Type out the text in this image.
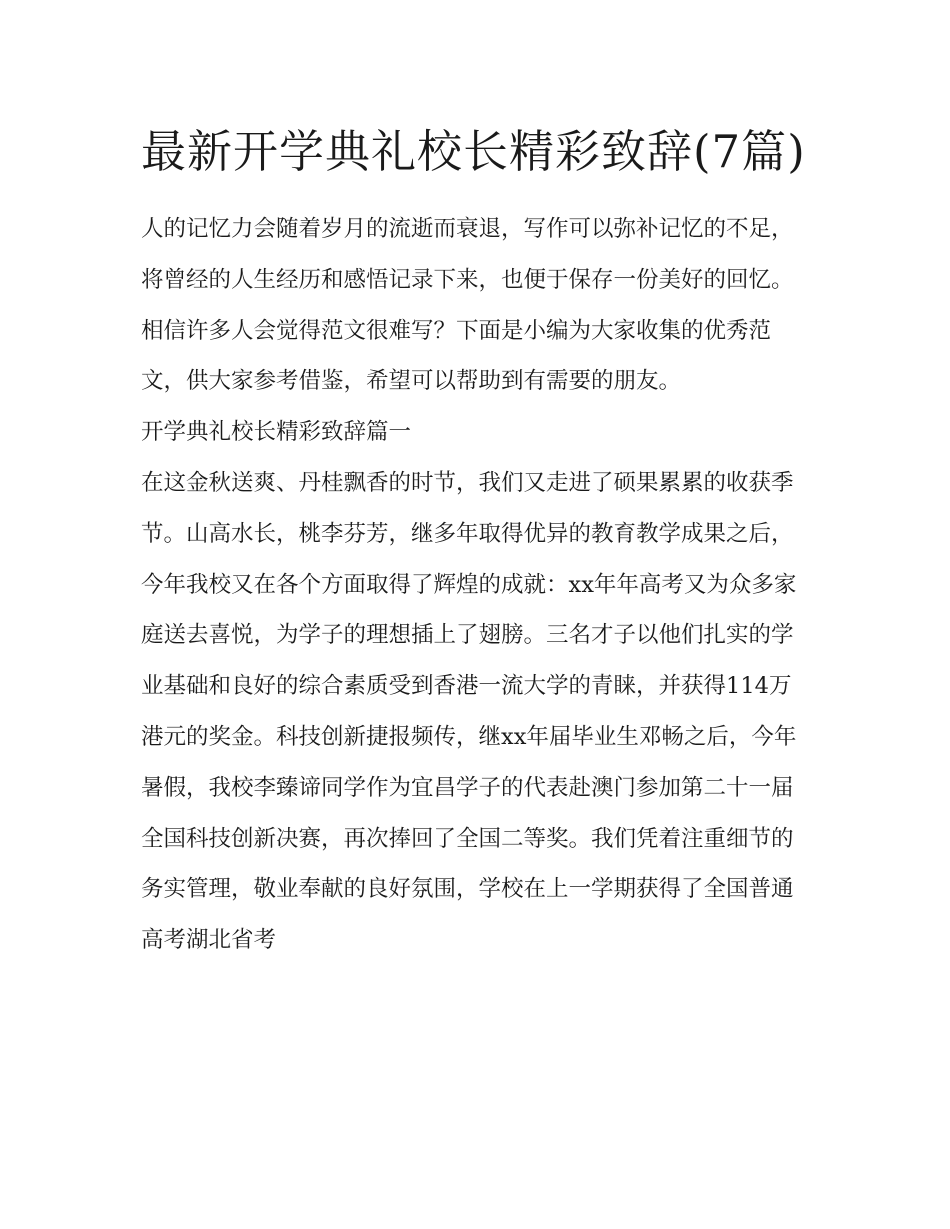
最新开学典礼校长精彩致辞(7篇)

人的记忆力会随着岁月的流逝而衰退，写作可以弥补记忆的不足，将曾经的人生经历和感悟记录下来，也便于保存一份美好的回忆。相信许多人会觉得范文很难写？下面是小编为大家收集的优秀范文，供大家参考借鉴，希望可以帮助到有需要的朋友。

开学典礼校长精彩致辞篇一

在这金秋送爽、丹桂飘香的时节，我们又走进了硕果累累的收获季节。山高水长，桃李芬芳，继多年取得优异的教育教学成果之后，今年我校又在各个方面取得了辉煌的成就：xx年年高考又为众多家庭送去喜悦，为学子的理想插上了翅膀。三名才子以他们扎实的学业基础和良好的综合素质受到香港一流大学的青睐，并获得114万港元的奖金。科技创新捷报频传，继xx年届毕业生邓畅之后，今年暑假，我校李臻谛同学作为宜昌学子的代表赴澳门参加第二十一届全国科技创新决赛，再次捧回了全国二等奖。我们凭着注重细节的务实管理，敬业奉献的良好氛围，学校在上一学期获得了全国普通高考湖北省考
